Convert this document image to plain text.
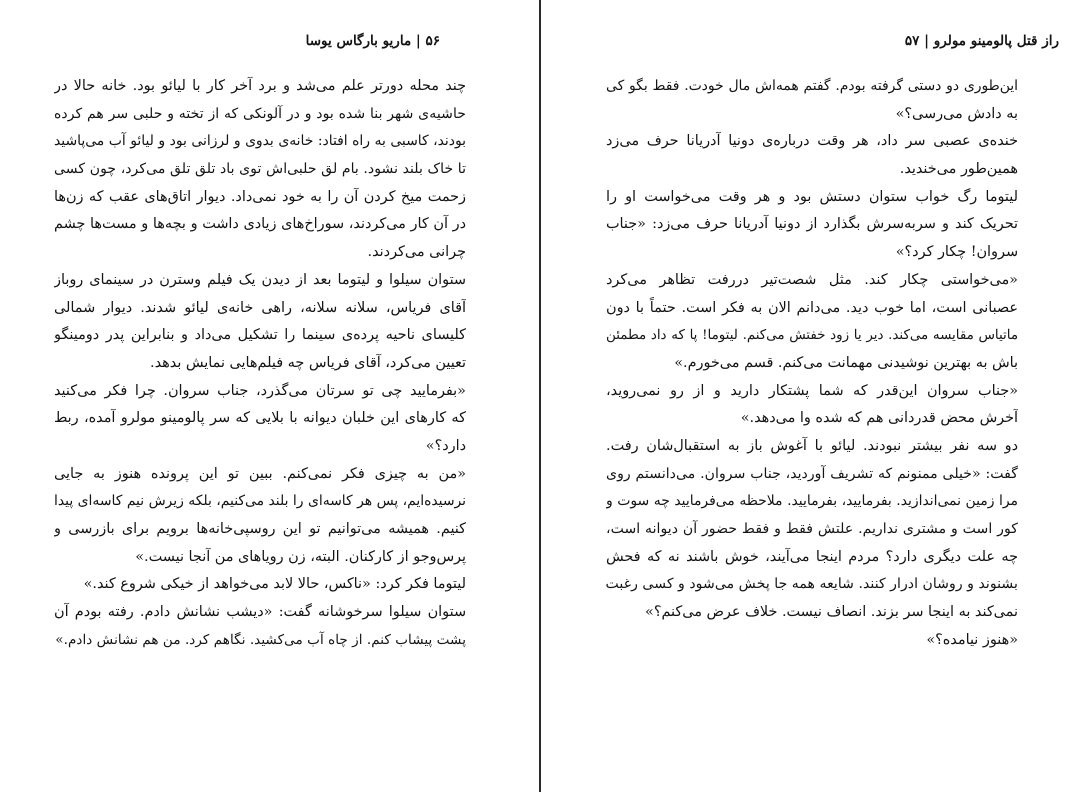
۵۶ | ماریو بارگاس یوسا
چند محله دورتر علم می‌شد و برد آخر کار با لیائو بود. خانه حالا در
حاشیه‌ی شهر بنا شده بود و در آلونکی که از تخته و حلبی سر هم کرده
بودند، کاسبی به راه افتاد: خانه‌ی بدوی و لرزانی بود و لیائو آب می‌پاشید
تا خاک بلند نشود. بام لق حلبی‌اش توی باد تلق تلق می‌کرد، چون کسی
زحمت میخ کردن آن را به خود نمی‌داد. دیوار اتاق‌های عقب که زن‌ها
در آن کار می‌کردند، سوراخ‌های زیادی داشت و بچه‌ها و مست‌ها چشم
چرانی می‌کردند.
ستوان سیلوا و لیتوما بعد از دیدن یک فیلم وسترن در سینمای روباز
آقای فریاس، سلانه سلانه، راهی خانه‌ی لیائو شدند. دیوار شمالی
کلیسای ناحیه پرده‌ی سینما را تشکیل می‌داد و بنابراین پدر دومینگو
تعیین می‌کرد، آقای فریاس چه فیلم‌هایی نمایش بدهد.
«بفرمایید چی تو سرتان می‌گذرد، جناب سروان. چرا فکر می‌کنید
که کارهای این خلبان دیوانه با بلایی که سر پالومینو مولرو آمده، ربط
دارد؟»
«من به چیزی فکر نمی‌کنم. ببین تو این پرونده هنوز به جایی
نرسیده‌ایم، پس هر کاسه‌ای را بلند می‌کنیم، بلکه زیرش نیم کاسه‌ای پیدا
کنیم. همیشه می‌توانیم تو این روسپی‌خانه‌ها برویم برای بازرسی و
پرس‌وجو از کارکنان. البته، زن رویاهای من آنجا نیست.»
لیتوما فکر کرد: «ناکس، حالا لابد می‌خواهد از خیکی شروع کند.»
ستوان سیلوا سرخوشانه گفت: «دیشب نشانش دادم. رفته بودم آن
پشت پیشاب کنم. از چاه آب می‌کشید. نگاهم کرد. من هم نشانش دادم.»
راز قتل پالومینو مولرو | ۵۷
این‌طوری دو دستی گرفته بودم. گفتم همه‌اش مال خودت. فقط بگو کی
به دادش می‌رسی؟»
خنده‌ی عصبی سر داد، هر وقت درباره‌ی دونیا آدریانا حرف می‌زد
همین‌طور می‌خندید.
لیتوما رگ خواب ستوان دستش بود و هر وقت می‌خواست او را
تحریک کند و سربه‌سرش بگذارد از دونیا آدریانا حرف می‌زد: «جناب
سروان! چکار کرد؟»
«می‌خواستی چکار کند. مثل شصت‌تیر دررفت تظاهر می‌کرد
عصبانی است، اما خوب دید. می‌دانم الان به فکر است. حتماً با دون
ماتیاس مقایسه می‌کند. دیر یا زود خفتش می‌کنم. لیتوما! پا که داد مطمئن
باش به بهترین نوشیدنی مهمانت می‌کنم. قسم می‌خورم.»
«جناب سروان این‌قدر که شما پشتکار دارید و از رو نمی‌روید،
آخرش محض قدردانی هم که شده وا می‌دهد.»
دو سه نفر بیشتر نبودند. لیائو با آغوش باز به استقبال‌شان رفت.
گفت: «خیلی ممنونم که تشریف آوردید، جناب سروان. می‌دانستم روی
مرا زمین نمی‌اندازید. بفرمایید، بفرمایید. ملاحظه می‌فرمایید چه سوت و
کور است و مشتری نداریم. علتش فقط و فقط حضور آن دیوانه است،
چه علت دیگری دارد؟ مردم اینجا می‌آیند، خوش باشند نه که فحش
بشنوند و روشان ادرار کنند. شایعه همه جا پخش می‌شود و کسی رغبت
نمی‌کند به اینجا سر بزند. انصاف نیست. خلاف عرض می‌کنم؟»
«هنوز نیامده؟»
